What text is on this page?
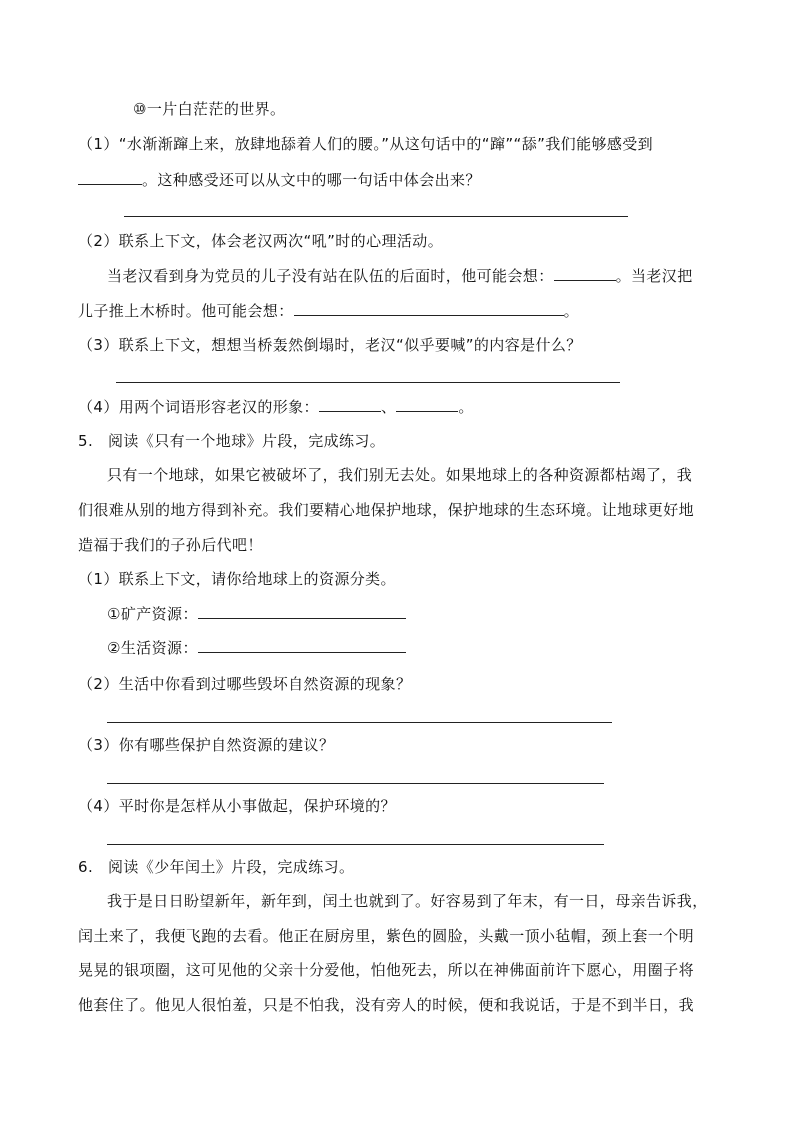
⑩一片白茫茫的世界。
（1）“水渐渐蹿上来，放肆地舔着人们的腰。”从这句话中的“蹿”“舔”我们能够感受到
。这种感受还可以从文中的哪一句话中体会出来？
（2）联系上下文，体会老汉两次“吼”时的心理活动。
当老汉看到身为党员的儿子没有站在队伍的后面时，他可能会想：	。当老汉把
儿子推上木桥时。他可能会想：	。
（3）联系上下文，想想当桥轰然倒塌时，老汉“似乎要喊”的内容是什么？
（4）用两个词语形容老汉的形象：	、	。
5. 阅读《只有一个地球》片段，完成练习。
只有一个地球，如果它被破坏了，我们别无去处。如果地球上的各种资源都枯竭了，我
们很难从别的地方得到补充。我们要精心地保护地球，保护地球的生态环境。让地球更好地
造福于我们的子孙后代吧！
（1）联系上下文，请你给地球上的资源分类。
①矿产资源：
②生活资源：
（2）生活中你看到过哪些毁坏自然资源的现象？
（3）你有哪些保护自然资源的建议？
（4）平时你是怎样从小事做起，保护环境的？
6. 阅读《少年闰土》片段，完成练习。
我于是日日盼望新年，新年到，闰土也就到了。好容易到了年末，有一日，母亲告诉我，
闰土来了，我便飞跑的去看。他正在厨房里，紫色的圆脸，头戴一顶小毡帽，颈上套一个明
晃晃的银项圈，这可见他的父亲十分爱他，怕他死去，所以在神佛面前许下愿心，用圈子将
他套住了。他见人很怕羞，只是不怕我，没有旁人的时候，便和我说话，于是不到半日，我
